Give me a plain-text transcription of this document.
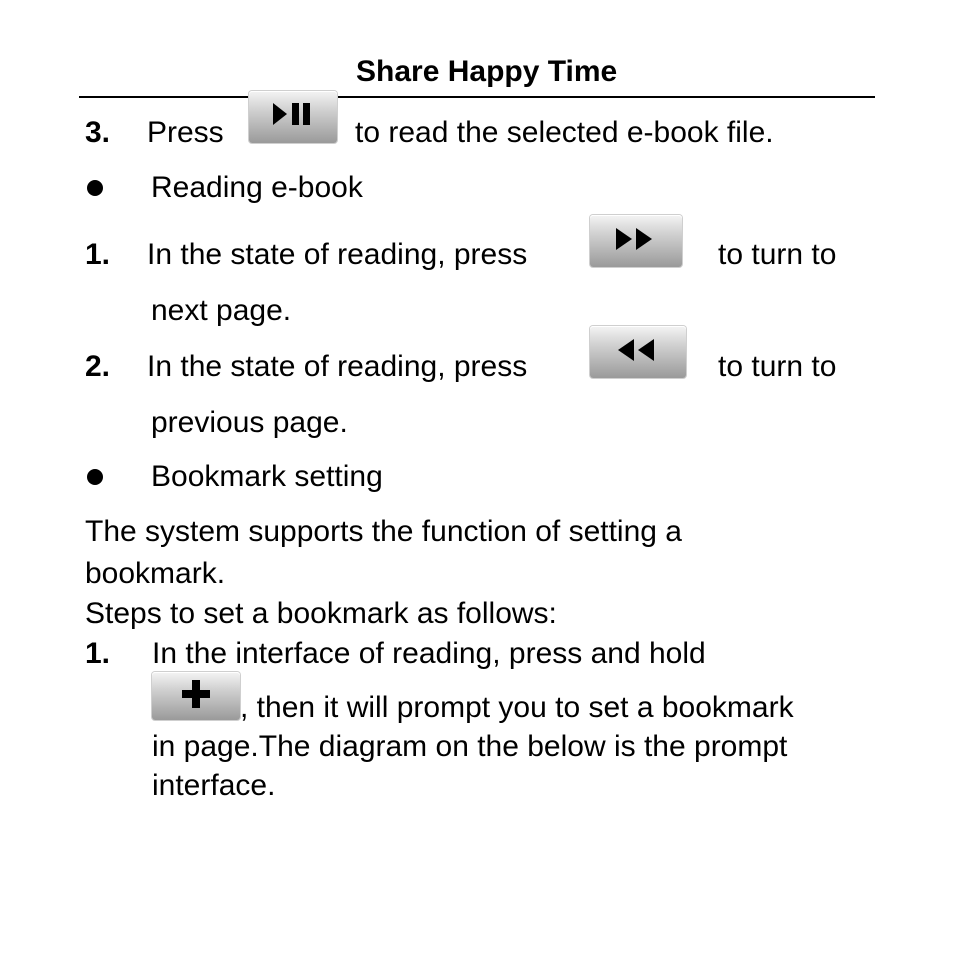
Share Happy Time
3. Press	to read the selected e-book file.
Reading e-book
1. In the state of reading, press	to turn to
next page.
2. In the state of reading, press	to turn to
previous page.
Bookmark setting
The system supports the function of setting a
bookmark.
Steps to set a bookmark as follows:
1. In the interface of reading, press and hold
, then it will prompt you to set a bookmark
in page.The diagram on the below is the prompt
interface.
